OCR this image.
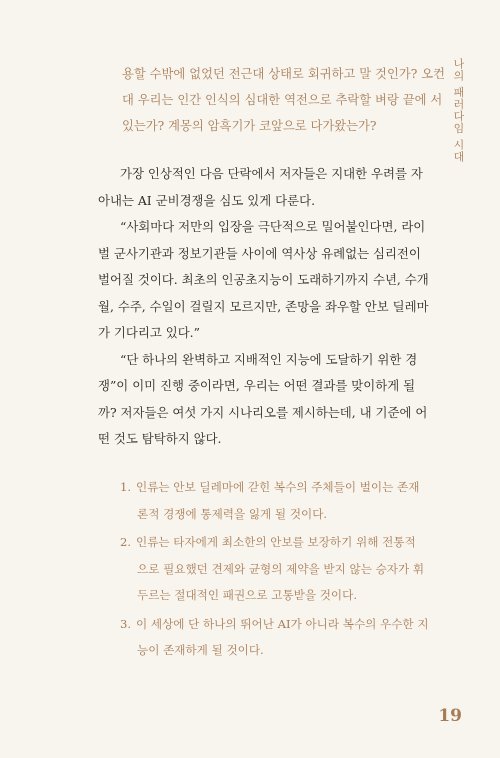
나의 패러다임 시대

용할 수밖에 없었던 전근대 상태로 회귀하고 말 것인가? 오컨

대 우리는 인간 인식의 심대한 역전으로 추락할 벼랑 끝에 서

있는가? 계몽의 암흑기가 코앞으로 다가왔는가?

가장 인상적인 다음 단락에서 저자들은 지대한 우려를 자

아내는 AI 군비경쟁을 심도 있게 다룬다.

“사회마다 저만의 입장을 극단적으로 밀어붙인다면, 라이

벌 군사기관과 정보기관들 사이에 역사상 유례없는 심리전이

벌어질 것이다. 최초의 인공초지능이 도래하기까지 수년, 수개

월, 수주, 수일이 걸릴지 모르지만, 존망을 좌우할 안보 딜레마

가 기다리고 있다.”

“단 하나의 완벽하고 지배적인 지능에 도달하기 위한 경

쟁”이 이미 진행 중이라면, 우리는 어떤 결과를 맞이하게 될

까? 저자들은 여섯 가지 시나리오를 제시하는데, 내 기준에 어

떤 것도 탐탁하지 않다.

1. 인류는 안보 딜레마에 갇힌 복수의 주체들이 벌이는 존재

론적 경쟁에 통제력을 잃게 될 것이다.

2. 인류는 타자에게 최소한의 안보를 보장하기 위해 전통적

으로 필요했던 견제와 균형의 제약을 받지 않는 승자가 휘

두르는 절대적인 패권으로 고통받을 것이다.

3. 이 세상에 단 하나의 뛰어난 AI가 아니라 복수의 우수한 지

능이 존재하게 될 것이다.

19
